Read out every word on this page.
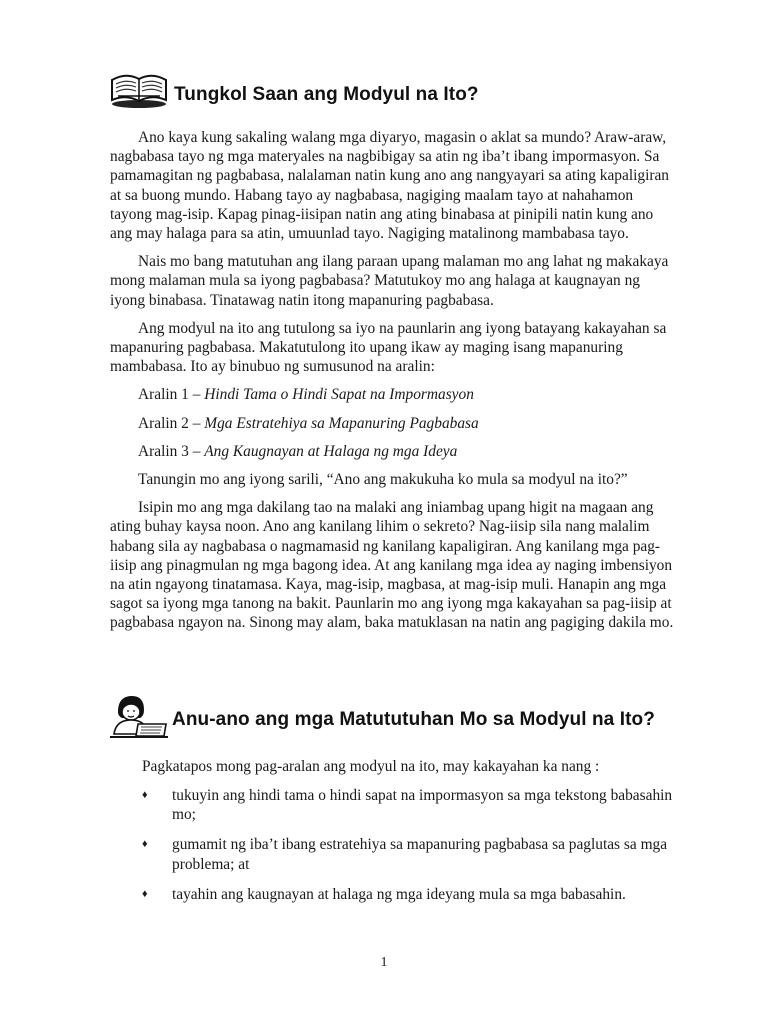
Tungkol Saan ang Modyul na Ito?

Ano kaya kung sakaling walang mga diyaryo, magasin o aklat sa mundo? Araw-araw, nagbabasa tayo ng mga materyales na nagbibigay sa atin ng iba’t ibang impormasyon. Sa pamamagitan ng pagbabasa, nalalaman natin kung ano ang nangyayari sa ating kapaligiran at sa buong mundo. Habang tayo ay nagbabasa, nagiging maalam tayo at nahahamon tayong mag-isip. Kapag pinag-iisipan natin ang ating binabasa at pinipili natin kung ano ang may halaga para sa atin, umuunlad tayo. Nagiging matalinong mambabasa tayo.

Nais mo bang matutuhan ang ilang paraan upang malaman mo ang lahat ng makakaya mong malaman mula sa iyong pagbabasa? Matutukoy mo ang halaga at kaugnayan ng iyong binabasa. Tinatawag natin itong mapanuring pagbabasa.

Ang modyul na ito ang tutulong sa iyo na paunlarin ang iyong batayang kakayahan sa mapanuring pagbabasa. Makatutulong ito upang ikaw ay maging isang mapanuring mambabasa. Ito ay binubuo ng sumusunod na aralin:

Aralin 1 – Hindi Tama o Hindi Sapat na Impormasyon

Aralin 2 – Mga Estratehiya sa Mapanuring Pagbabasa

Aralin 3 – Ang Kaugnayan at Halaga ng mga Ideya

Tanungin mo ang iyong sarili, “Ano ang makukuha ko mula sa modyul na ito?”

Isipin mo ang mga dakilang tao na malaki ang iniambag upang higit na magaan ang ating buhay kaysa noon. Ano ang kanilang lihim o sekreto? Nag-iisip sila nang malalim habang sila ay nagbabasa o nagmamasid ng kanilang kapaligiran. Ang kanilang mga pag-iisip ang pinagmulan ng mga bagong idea. At ang kanilang mga idea ay naging imbensiyon na atin ngayong tinatamasa. Kaya, mag-isip, magbasa, at mag-isip muli. Hanapin ang mga sagot sa iyong mga tanong na bakit. Paunlarin mo ang iyong mga kakayahan sa pag-iisip at pagbabasa ngayon na. Sinong may alam, baka matuklasan na natin ang pagiging dakila mo.

Anu-ano ang mga Matututuhan Mo sa Modyul na Ito?
Pagkatapos mong pag-aralan ang modyul na ito, may kakayahan ka nang :
♦ tukuyin ang hindi tama o hindi sapat na impormasyon sa mga tekstong babasahin mo;
♦ gumamit ng iba’t ibang estratehiya sa mapanuring pagbabasa sa paglutas sa mga problema; at
♦ tayahin ang kaugnayan at halaga ng mga ideyang mula sa mga babasahin.
1
